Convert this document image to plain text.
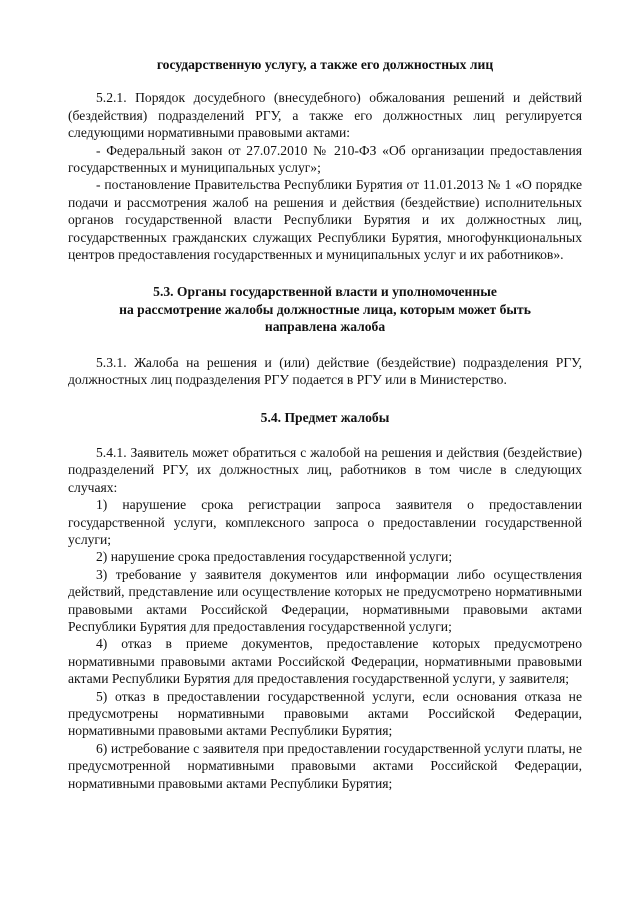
государственную услугу, а также его должностных лиц

5.2.1. Порядок досудебного (внесудебного) обжалования решений и действий (бездействия) подразделений РГУ, а также его должностных лиц регулируется следующими нормативными правовыми актами:

- Федеральный закон от 27.07.2010 № 210-ФЗ «Об организации предоставления государственных и муниципальных услуг»;

- постановление Правительства Республики Бурятия от 11.01.2013 № 1 «О порядке подачи и рассмотрения жалоб на решения и действия (бездействие) исполнительных органов государственной власти Республики Бурятия и их должностных лиц, государственных гражданских служащих Республики Бурятия, многофункциональных центров предоставления государственных и муниципальных услуг и их работников».

5.3. Органы государственной власти и уполномоченные
на рассмотрение жалобы должностные лица, которым может быть
направлена жалоба

5.3.1. Жалоба на решения и (или) действие (бездействие) подразделения РГУ, должностных лиц подразделения РГУ подается в РГУ или в Министерство.

5.4. Предмет жалобы

5.4.1. Заявитель может обратиться с жалобой на решения и действия (бездействие) подразделений РГУ, их должностных лиц, работников в том числе в следующих случаях:

1) нарушение срока регистрации запроса заявителя о предоставлении государственной услуги, комплексного запроса о предоставлении государственной услуги;

2) нарушение срока предоставления государственной услуги;

3) требование у заявителя документов или информации либо осуществления действий, представление или осуществление которых не предусмотрено нормативными правовыми актами Российской Федерации, нормативными правовыми актами Республики Бурятия для предоставления государственной услуги;

4) отказ в приеме документов, предоставление которых предусмотрено нормативными правовыми актами Российской Федерации, нормативными правовыми актами Республики Бурятия для предоставления государственной услуги, у заявителя;

5) отказ в предоставлении государственной услуги, если основания отказа не предусмотрены нормативными правовыми актами Российской Федерации, нормативными правовыми актами Республики Бурятия;

6) истребование с заявителя при предоставлении государственной услуги платы, не предусмотренной нормативными правовыми актами Российской Федерации, нормативными правовыми актами Республики Бурятия;
